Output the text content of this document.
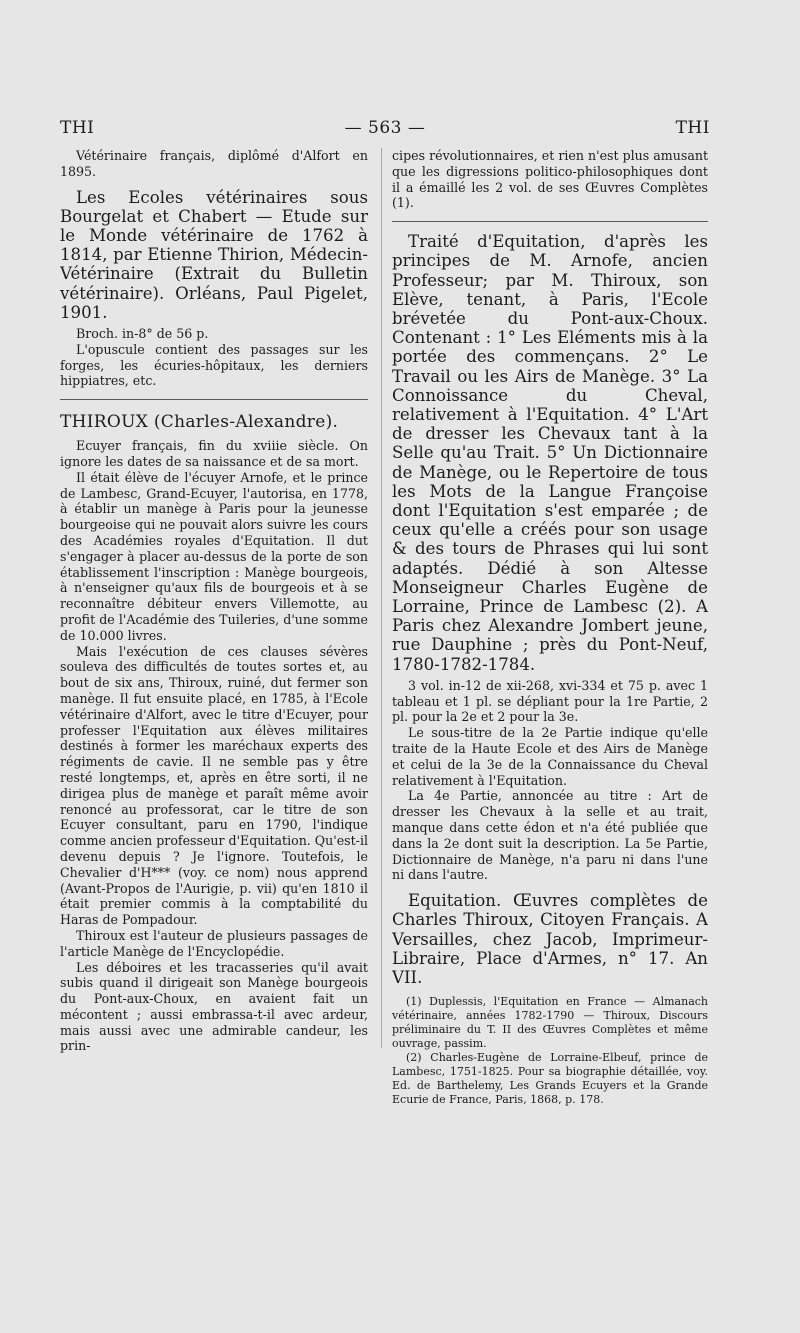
THI	— 563 —	THI

Vétérinaire français, diplômé d'Alfort en 1895.

Les Ecoles vétérinaires sous Bourgelat et Chabert — Etude sur le Monde vétérinaire de 1762 à 1814, par Etienne Thirion, Médecin-Vétérinaire (Extrait du Bulletin vétérinaire). Orléans, Paul Pigelet, 1901.

Broch. in-8° de 56 p.

L'opuscule contient des passages sur les forges, les écuries-hôpitaux, les derniers hippiatres, etc.

THIROUX (Charles-Alexandre).

Ecuyer français, fin du xviiie siècle. On ignore les dates de sa naissance et de sa mort.

Il était élève de l'écuyer Arnofe, et le prince de Lambesc, Grand-Ecuyer, l'autorisa, en 1778, à établir un manège à Paris pour la jeunesse bourgeoise qui ne pouvait alors suivre les cours des Académies royales d'Equitation. Il dut s'engager à placer au-dessus de la porte de son établissement l'inscription : Manège bourgeois, à n'enseigner qu'aux fils de bourgeois et à se reconnaître débiteur envers Villemotte, au profit de l'Académie des Tuileries, d'une somme de 10.000 livres.

Mais l'exécution de ces clauses sévères souleva des difficultés de toutes sortes et, au bout de six ans, Thiroux, ruiné, dut fermer son manège. Il fut ensuite placé, en 1785, à l'Ecole vétérinaire d'Alfort, avec le titre d'Ecuyer, pour professer l'Equitation aux élèves militaires destinés à former les maréchaux experts des régiments de cavie. Il ne semble pas y être resté longtemps, et, après en être sorti, il ne dirigea plus de manège et paraît même avoir renoncé au professorat, car le titre de son Ecuyer consultant, paru en 1790, l'indique comme ancien professeur d'Equitation. Qu'est-il devenu depuis ? Je l'ignore. Toutefois, le Chevalier d'H*** (voy. ce nom) nous apprend (Avant-Propos de l'Aurigie, p. vii) qu'en 1810 il était premier commis à la comptabilité du Haras de Pompadour.

Thiroux est l'auteur de plusieurs passages de l'article Manège de l'Encyclopédie.

Les déboires et les tracasseries qu'il avait subis quand il dirigeait son Manège bourgeois du Pont-aux-Choux, en avaient fait un mécontent ; aussi embrassa-t-il avec ardeur, mais aussi avec une admirable candeur, les prin-

cipes révolutionnaires, et rien n'est plus amusant que les digressions politico-philosophiques dont il a émaillé les 2 vol. de ses Œuvres Complètes (1).

Traité d'Equitation, d'après les principes de M. Arnofe, ancien Professeur; par M. Thiroux, son Elève, tenant, à Paris, l'Ecole brévetée du Pont-aux-Choux. Contenant : 1° Les Eléments mis à la portée des commençans. 2° Le Travail ou les Airs de Manège. 3° La Connoissance du Cheval, relativement à l'Equitation. 4° L'Art de dresser les Chevaux tant à la Selle qu'au Trait. 5° Un Dictionnaire de Manège, ou le Repertoire de tous les Mots de la Langue Françoise dont l'Equitation s'est emparée ; de ceux qu'elle a créés pour son usage & des tours de Phrases qui lui sont adaptés. Dédié à son Altesse Monseigneur Charles Eugène de Lorraine, Prince de Lambesc (2). A Paris chez Alexandre Jombert jeune, rue Dauphine ; près du Pont-Neuf, 1780-1782-1784.

3 vol. in-12 de xii-268, xvi-334 et 75 p. avec 1 tableau et 1 pl. se dépliant pour la 1re Partie, 2 pl. pour la 2e et 2 pour la 3e.

Le sous-titre de la 2e Partie indique qu'elle traite de la Haute Ecole et des Airs de Manège et celui de la 3e de la Connaissance du Cheval relativement à l'Equitation.

La 4e Partie, annoncée au titre : Art de dresser les Chevaux à la selle et au trait, manque dans cette édon et n'a été publiée que dans la 2e dont suit la description. La 5e Partie, Dictionnaire de Manège, n'a paru ni dans l'une ni dans l'autre.

Equitation. Œuvres complètes de Charles Thiroux, Citoyen Français. A Versailles, chez Jacob, Imprimeur-Libraire, Place d'Armes, n° 17. An VII.

(1) Duplessis, l'Equitation en France — Almanach vétérinaire, années 1782-1790 — Thiroux, Discours préliminaire du T. II des Œuvres Complètes et même ouvrage, passim.

(2) Charles-Eugène de Lorraine-Elbeuf, prince de Lambesc, 1751-1825. Pour sa biographie détaillée, voy. Ed. de Barthelemy, Les Grands Ecuyers et la Grande Ecurie de France, Paris, 1868, p. 178.
